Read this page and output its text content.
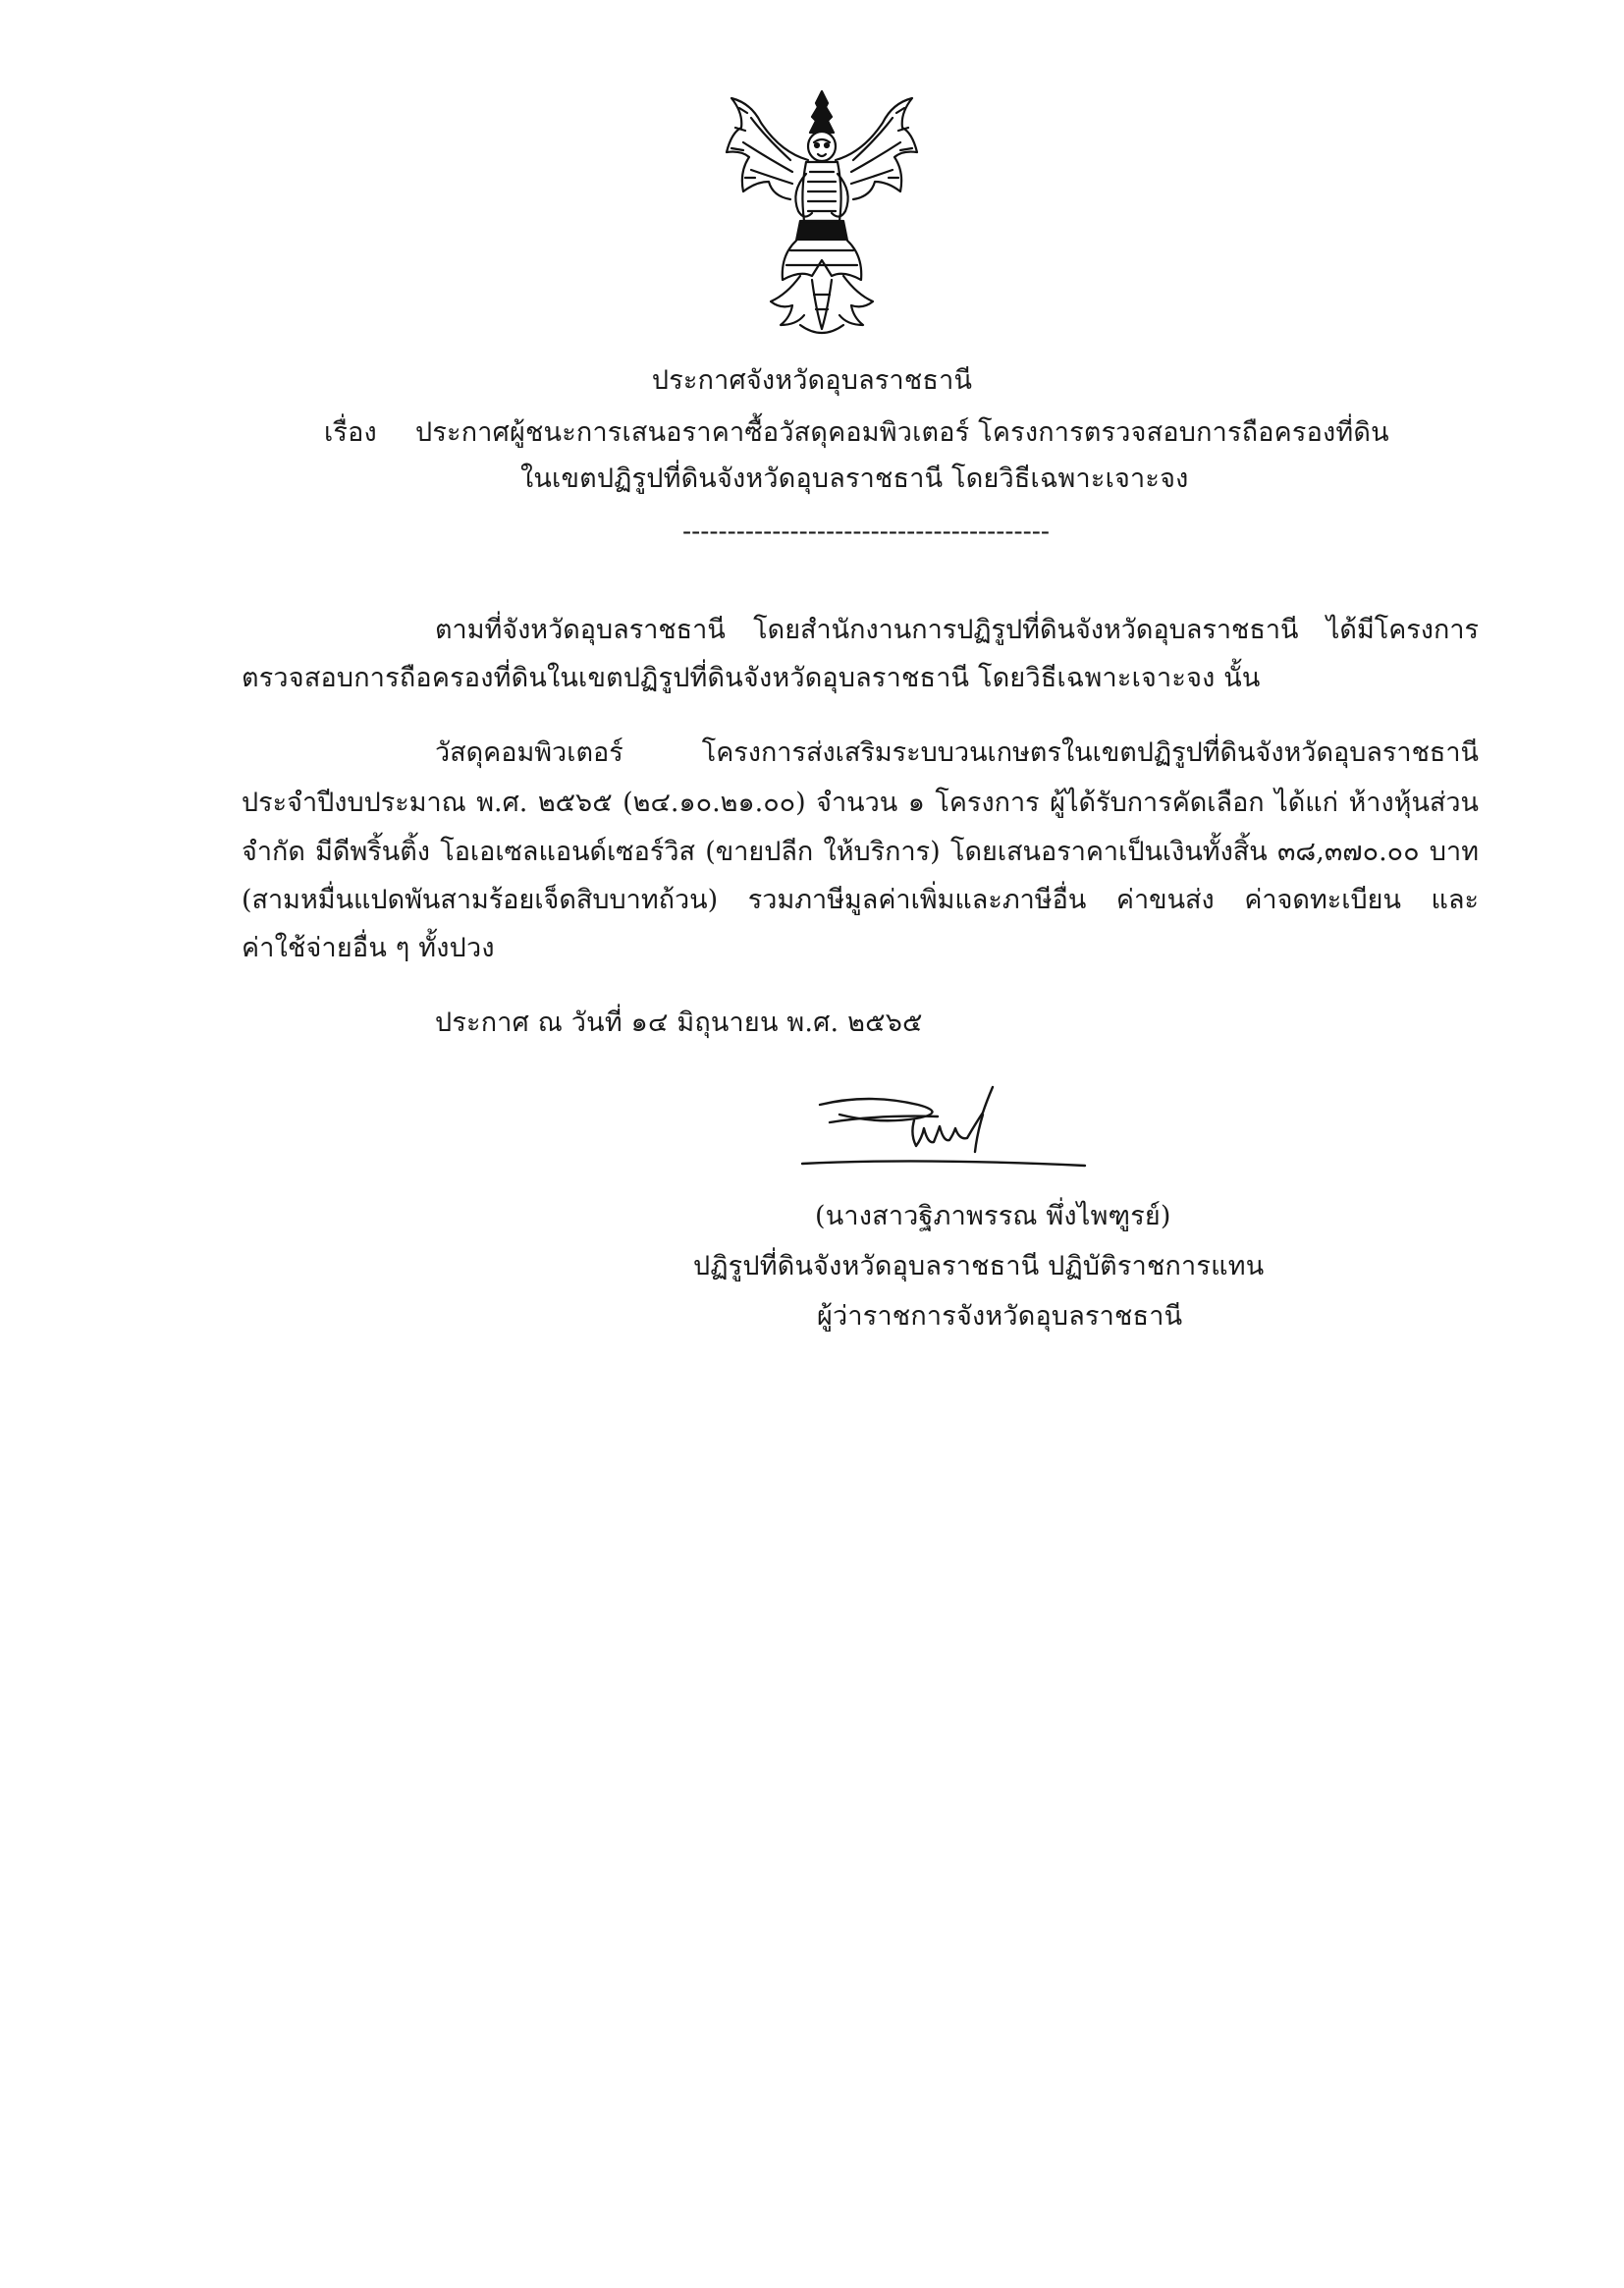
ประกาศจังหวัดอุบลราชธานี
เรื่อง ประกาศผู้ชนะการเสนอราคาซื้อวัสดุคอมพิวเตอร์ โครงการตรวจสอบการถือครองที่ดิน
ในเขตปฏิรูปที่ดินจังหวัดอุบลราชธานี โดยวิธีเฉพาะเจาะจง
-----------------------------------------
ตามที่จังหวัดอุบลราชธานี โดยสำนักงานการปฏิรูปที่ดินจังหวัดอุบลราชธานี ได้มีโครงการ
ตรวจสอบการถือครองที่ดินในเขตปฏิรูปที่ดินจังหวัดอุบลราชธานี โดยวิธีเฉพาะเจาะจง นั้น
วัสดุคอมพิวเตอร์ โครงการส่งเสริมระบบวนเกษตรในเขตปฏิรูปที่ดินจังหวัดอุบลราชธานี
ประจำปีงบประมาณ พ.ศ. ๒๕๖๕ (๒๔.๑๐.๒๑.๐๐) จำนวน ๑ โครงการ ผู้ได้รับการคัดเลือก ได้แก่ ห้างหุ้นส่วน
จำกัด มีดีพริ้นติ้ง โอเอเซลแอนด์เซอร์วิส (ขายปลีก ให้บริการ) โดยเสนอราคาเป็นเงินทั้งสิ้น ๓๘,๓๗๐.๐๐ บาท
(สามหมื่นแปดพันสามร้อยเจ็ดสิบบาทถ้วน) รวมภาษีมูลค่าเพิ่มและภาษีอื่น ค่าขนส่ง ค่าจดทะเบียน และ
ค่าใช้จ่ายอื่น ๆ ทั้งปวง
ประกาศ ณ วันที่ ๑๔ มิถุนายน พ.ศ. ๒๕๖๕
(นางสาวฐิภาพรรณ พึ่งไพฑูรย์)
ปฏิรูปที่ดินจังหวัดอุบลราชธานี ปฏิบัติราชการแทน
ผู้ว่าราชการจังหวัดอุบลราชธานี
